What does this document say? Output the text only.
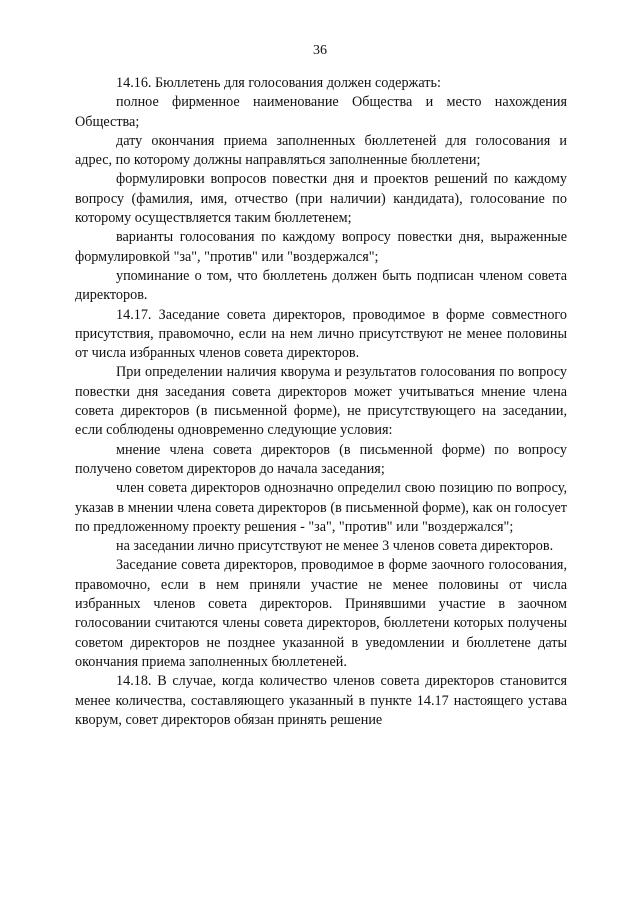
36

14.16. Бюллетень для голосования должен содержать:

полное фирменное наименование Общества и место нахождения Общества;

дату окончания приема заполненных бюллетеней для голосования и адрес, по которому должны направляться заполненные бюллетени;

формулировки вопросов повестки дня и проектов решений по каждому вопросу (фамилия, имя, отчество (при наличии) кандидата), голосование по которому осуществляется таким бюллетенем;

варианты голосования по каждому вопросу повестки дня, выраженные формулировкой "за", "против" или "воздержался";

упоминание о том, что бюллетень должен быть подписан членом совета директоров.

14.17. Заседание совета директоров, проводимое в форме совместного присутствия, правомочно, если на нем лично присутствуют не менее половины от числа избранных членов совета директоров.

При определении наличия кворума и результатов голосования по вопросу повестки дня заседания совета директоров может учитываться мнение члена совета директоров (в письменной форме), не присутствующего на заседании, если соблюдены одновременно следующие условия:

мнение члена совета директоров (в письменной форме) по вопросу получено советом директоров до начала заседания;

член совета директоров однозначно определил свою позицию по вопросу, указав в мнении члена совета директоров (в письменной форме), как он голосует по предложенному проекту решения - "за", "против" или "воздержался";

на заседании лично присутствуют не менее 3 членов совета директоров.

Заседание совета директоров, проводимое в форме заочного голосования, правомочно, если в нем приняли участие не менее половины от числа избранных членов совета директоров. Принявшими участие в заочном голосовании считаются члены совета директоров, бюллетени которых получены советом директоров не позднее указанной в уведомлении и бюллетене даты окончания приема заполненных бюллетеней.

14.18. В случае, когда количество членов совета директоров становится менее количества, составляющего указанный в пункте 14.17 настоящего устава кворум, совет директоров обязан принять решение
